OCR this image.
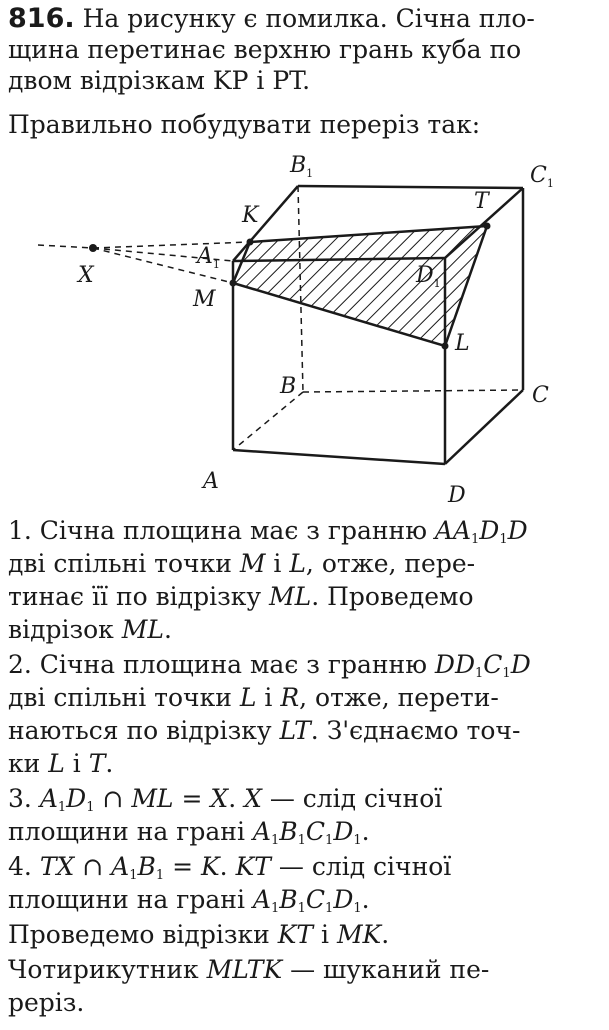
816. На рисунку є помилка. Січна пло-
щина перетинає верхню грань куба по
двом відрізкам KP і PT.
Правильно побудувати переріз так:
$B_1$	$C_1$
K
T
$A_1$	$D_1$
M
X
L
B	C
A
D
1. Січна площина має з гранню $AA_1D_1D$
дві спільні точки M і L, отже, пере-
тинає її по відрізку ML. Проведемо
відрізок ML.
2. Січна площина має з гранню $DD_1C_1D$
дві спільні точки L і R, отже, перети-
наються по відрізку LT. З'єднаємо точ-
ки L і T.
3. $A_1D_1$ ∩ ML = X. X — слід січної
площини на грані $A_1B_1C_1D_1$.
4. TX ∩ $A_1B_1 = K$. KT — слід січної
площини на грані $A_1B_1C_1D_1$.
Проведемо відрізки KT і MK.
Чотирикутник MLTK — шуканий пе-
реріз.
